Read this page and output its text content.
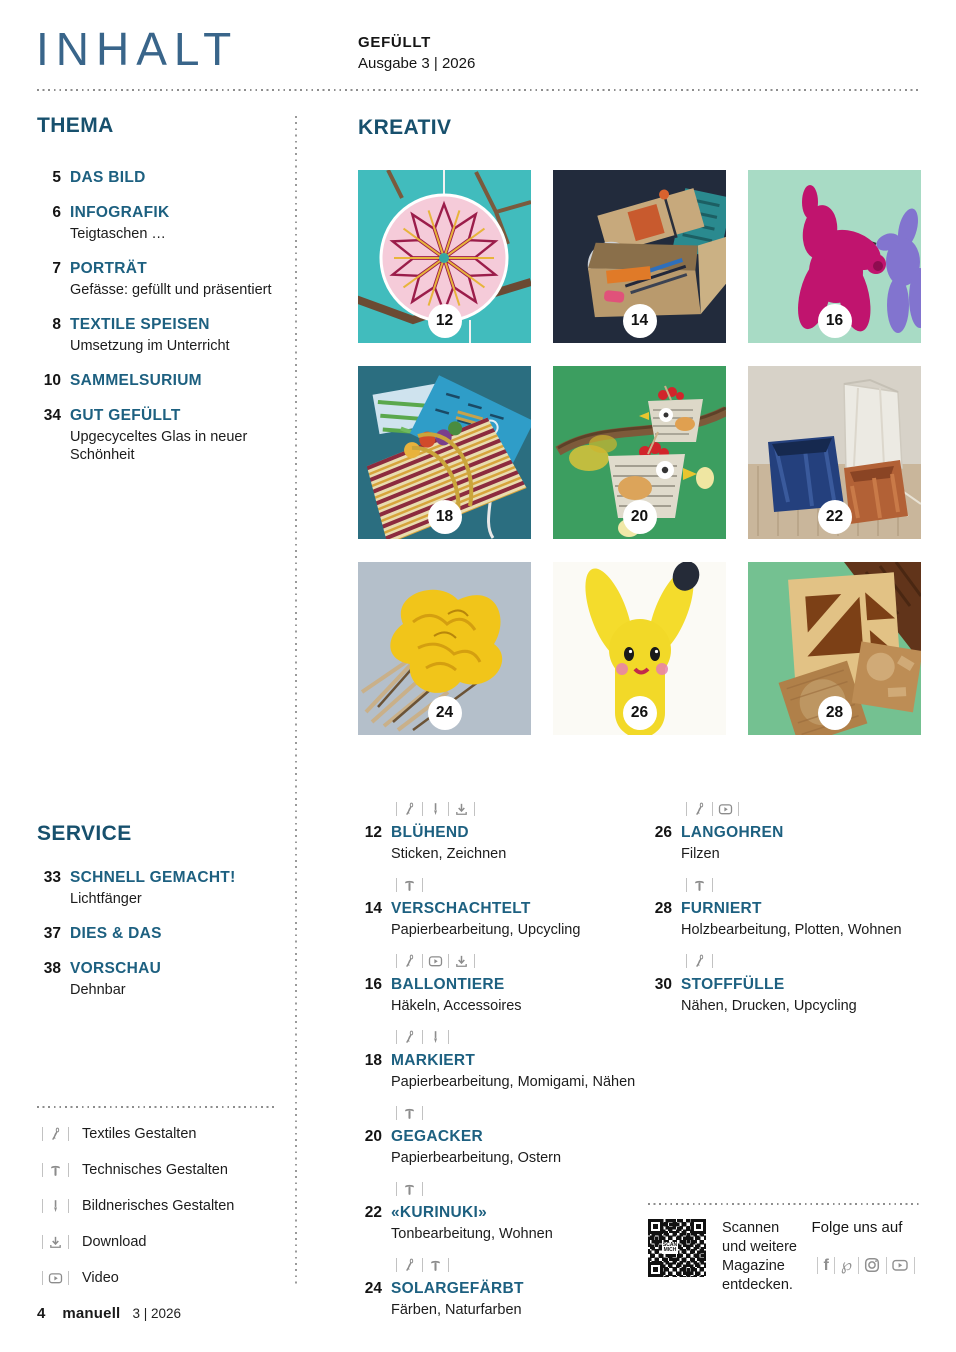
INHALT	GEFÜLLT
Ausgabe 3 | 2026
THEMA
5 DAS BILD
6 INFOGRAFIK
Teigtaschen …
7 PORTRÄT
Gefässe: gefüllt und präsentiert
8 TEXTILE SPEISEN
Umsetzung im Unterricht
10 SAMMELSURIUM
34 GUT GEFÜLLT
Upgecyceltes Glas in neuer Schönheit
KREATIV
12	14	16
18	20	22
24	26	28
12 BLÜHEND
Sticken, Zeichnen
14 VERSCHACHTELT
Papierbearbeitung, Upcycling
16 BALLONTIERE
Häkeln, Accessoires
18 MARKIERT
Papierbearbeitung, Momigami, Nähen
20 GEGACKER
Papierbearbeitung, Ostern
22 «KURINUKI»
Tonbearbeitung, Wohnen
24 SOLARGEFÄRBT
Färben, Naturfarben
26 LANGOHREN
Filzen
28 FURNIERT
Holzbearbeitung, Plotten, Wohnen
30 STOFFFÜLLE
Nähen, Drucken, Upcycling
SERVICE
33 SCHNELL GEMACHT!
Lichtfänger
37 DIES & DAS
38 VORSCHAU
Dehnbar
Textiles Gestalten
Technisches Gestalten
Bildnerisches Gestalten
Download
Video
SCAN MICH
Scannen und weitere Magazine entdecken.
Folge uns auf
f ℘
4 manuell 3 | 2026
